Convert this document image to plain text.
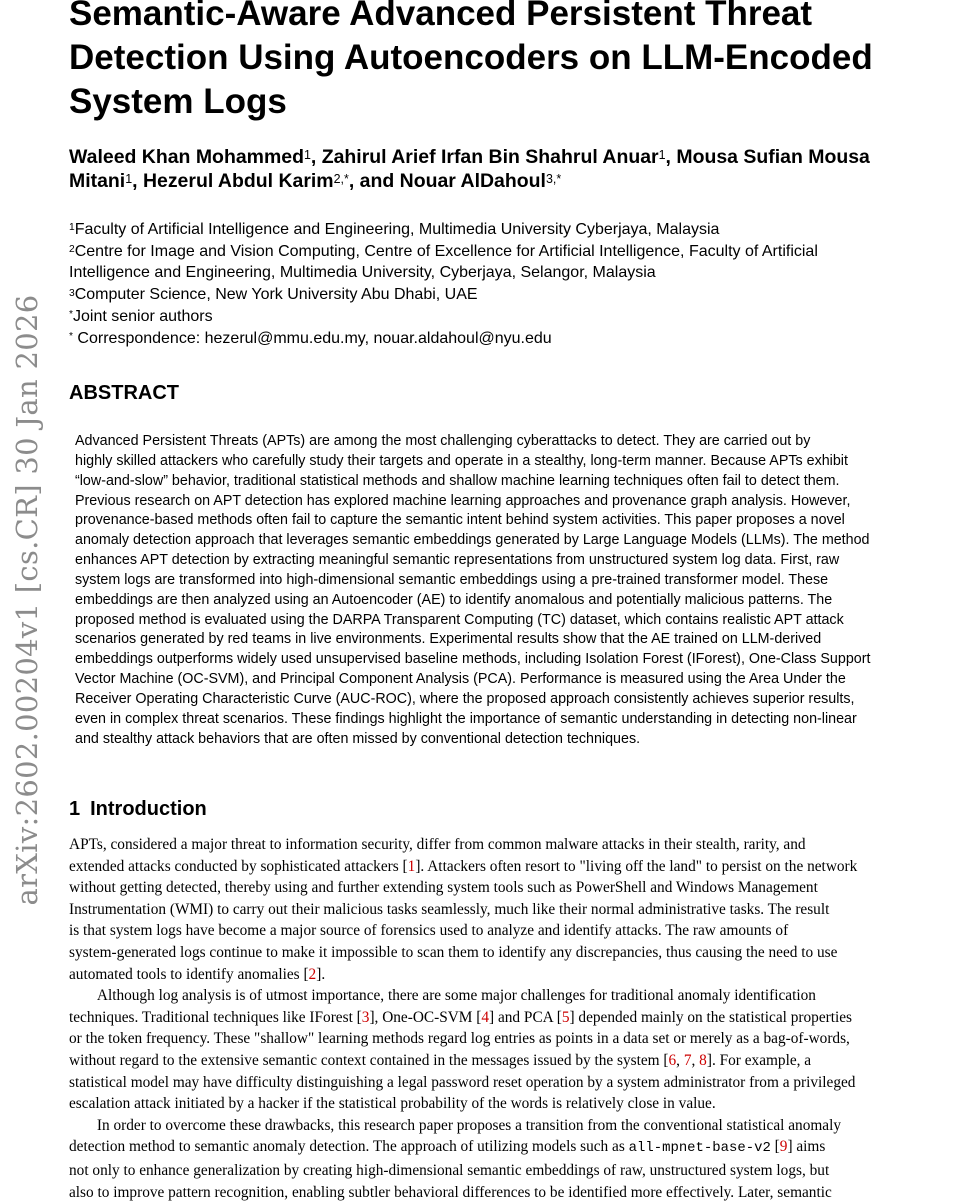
arXiv:2602.00204v1 [cs.CR] 30 Jan 2026
Semantic-Aware Advanced Persistent Threat
Detection Using Autoencoders on LLM-Encoded
System Logs
Waleed Khan Mohammed$^1$, Zahirul Arief Irfan Bin Shahrul Anuar$^1$, Mousa Sufian Mousa
Mitani$^1$, Hezerul Abdul Karim$^{2,*}$, and Nouar AlDahoul$^{3,*}$
$^1$Faculty of Artificial Intelligence and Engineering, Multimedia University Cyberjaya, Malaysia
$^2$Centre for Image and Vision Computing, Centre of Excellence for Artificial Intelligence, Faculty of Artificial
Intelligence and Engineering, Multimedia University, Cyberjaya, Selangor, Malaysia
$^3$Computer Science, New York University Abu Dhabi, UAE
*Joint senior authors
* Correspondence: hezerul@mmu.edu.my, nouar.aldahoul@nyu.edu
ABSTRACT
Advanced Persistent Threats (APTs) are among the most challenging cyberattacks to detect. They are carried out by
highly skilled attackers who carefully study their targets and operate in a stealthy, long-term manner. Because APTs exhibit
“low-and-slow” behavior, traditional statistical methods and shallow machine learning techniques often fail to detect them.
Previous research on APT detection has explored machine learning approaches and provenance graph analysis. However,
provenance-based methods often fail to capture the semantic intent behind system activities. This paper proposes a novel
anomaly detection approach that leverages semantic embeddings generated by Large Language Models (LLMs). The method
enhances APT detection by extracting meaningful semantic representations from unstructured system log data. First, raw
system logs are transformed into high-dimensional semantic embeddings using a pre-trained transformer model. These
embeddings are then analyzed using an Autoencoder (AE) to identify anomalous and potentially malicious patterns. The
proposed method is evaluated using the DARPA Transparent Computing (TC) dataset, which contains realistic APT attack
scenarios generated by red teams in live environments. Experimental results show that the AE trained on LLM-derived
embeddings outperforms widely used unsupervised baseline methods, including Isolation Forest (IForest), One-Class Support
Vector Machine (OC-SVM), and Principal Component Analysis (PCA). Performance is measured using the Area Under the
Receiver Operating Characteristic Curve (AUC-ROC), where the proposed approach consistently achieves superior results,
even in complex threat scenarios. These findings highlight the importance of semantic understanding in detecting non-linear
and stealthy attack behaviors that are often missed by conventional detection techniques.
1 Introduction
APTs, considered a major threat to information security, differ from common malware attacks in their stealth, rarity, and
extended attacks conducted by sophisticated attackers [1]. Attackers often resort to "living off the land" to persist on the network
without getting detected, thereby using and further extending system tools such as PowerShell and Windows Management
Instrumentation (WMI) to carry out their malicious tasks seamlessly, much like their normal administrative tasks. The result
is that system logs have become a major source of forensics used to analyze and identify attacks. The raw amounts of
system-generated logs continue to make it impossible to scan them to identify any discrepancies, thus causing the need to use
automated tools to identify anomalies [2].
Although log analysis is of utmost importance, there are some major challenges for traditional anomaly identification
techniques. Traditional techniques like IForest [3], One-OC-SVM [4] and PCA [5] depended mainly on the statistical properties
or the token frequency. These "shallow" learning methods regard log entries as points in a data set or merely as a bag-of-words,
without regard to the extensive semantic context contained in the messages issued by the system [6, 7, 8]. For example, a
statistical model may have difficulty distinguishing a legal password reset operation by a system administrator from a privileged
escalation attack initiated by a hacker if the statistical probability of the words is relatively close in value.
In order to overcome these drawbacks, this research paper proposes a transition from the conventional statistical anomaly
detection method to semantic anomaly detection. The approach of utilizing models such as all-mpnet-base-v2 [9] aims
not only to enhance generalization by creating high-dimensional semantic embeddings of raw, unstructured system logs, but
also to improve pattern recognition, enabling subtler behavioral differences to be identified more effectively. Later, semantic
